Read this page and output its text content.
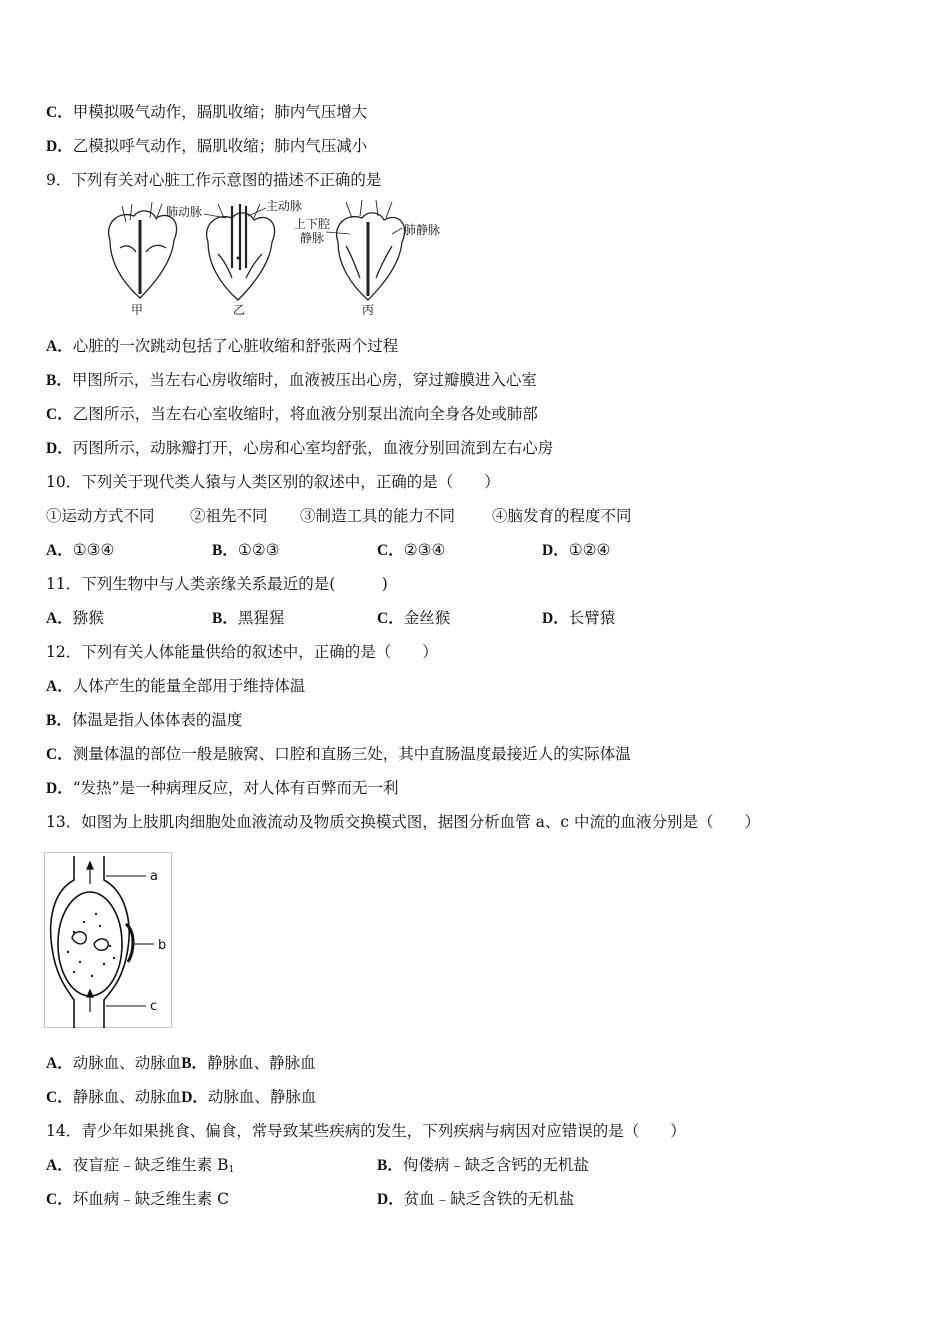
C．甲模拟吸气动作，膈肌收缩；肺内气压增大
D．乙模拟呼气动作，膈肌收缩；肺内气压减小
9．下列有关对心脏工作示意图的描述不正确的是
肺动脉	主动脉
上下腔
静脉
肺静脉
甲	乙	丙
A．心脏的一次跳动包括了心脏收缩和舒张两个过程
B．甲图所示，当左右心房收缩时，血液被压出心房，穿过瓣膜进入心室
C．乙图所示，当左右心室收缩时，将血液分别泵出流向全身各处或肺部
D．丙图所示，动脉瓣打开，心房和心室均舒张，血液分别回流到左右心房
10．下列关于现代类人猿与人类区别的叙述中，正确的是（　　）
①运动方式不同 ②祖先不同 ③制造工具的能力不同 ④脑发育的程度不同
A．①③④	B．①②③	C．②③④	D．①②④
11．下列生物中与人类亲缘关系最近的是(　　　)
A．猕猴	B．黑猩猩	C．金丝猴	D．长臂猿
12．下列有关人体能量供给的叙述中，正确的是（　　）
A．人体产生的能量全部用于维持体温
B．体温是指人体体表的温度
C．测量体温的部位一般是腋窝、口腔和直肠三处，其中直肠温度最接近人的实际体温
D．“发热”是一种病理反应，对人体有百弊而无一利
13．如图为上肢肌肉细胞处血液流动及物质交换模式图，据图分析血管 a、c 中流的血液分别是（　　）
a
b
c
A．动脉血、动脉血B．静脉血、静脉血
C．静脉血、动脉血D．动脉血、静脉血
14．青少年如果挑食、偏食，常导致某些疾病的发生，下列疾病与病因对应错误的是（　　）
A．夜盲症﹣缺乏维生素 $B_1$	B．佝偻病﹣缺乏含钙的无机盐
C．坏血病﹣缺乏维生素 C	D．贫血﹣缺乏含铁的无机盐
